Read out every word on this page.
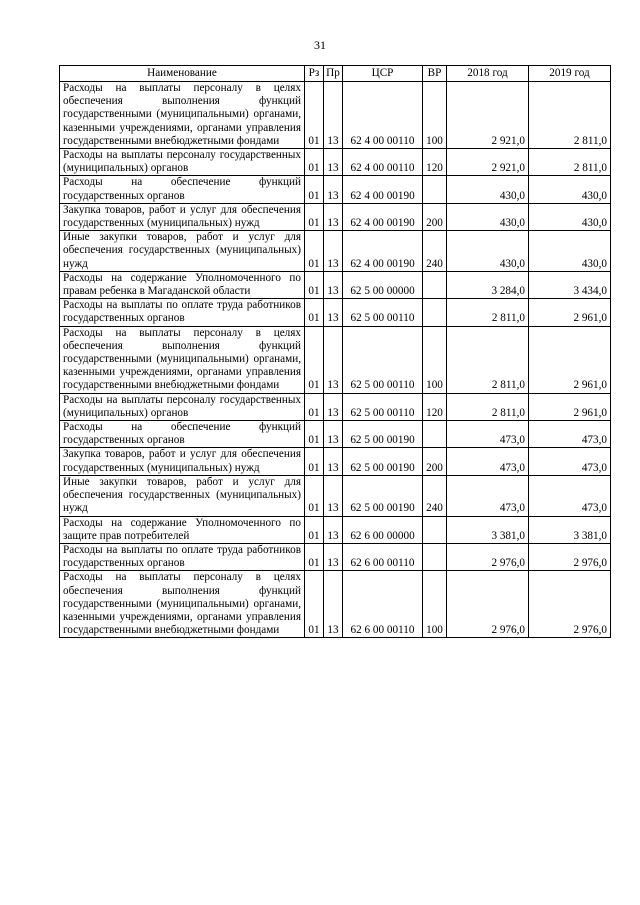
31
Наименование	Рз	Пр	ЦСР	ВР	2018 год	2019 год
Расходы на выплаты персоналу в целях обеспечения выполнения функций государственными (муниципальными) органами, казенными учреждениями, органами управления государственными внебюджетными фондами	01	13	62 4 00 00110	100	2 921,0	2 811,0
Расходы на выплаты персоналу государственных (муниципальных) органов	01	13	62 4 00 00110	120	2 921,0	2 811,0
Расходы на обеспечение функций государственных органов	01	13	62 4 00 00190		430,0	430,0
Закупка товаров, работ и услуг для обеспечения государственных (муниципальных) нужд	01	13	62 4 00 00190	200	430,0	430,0
Иные закупки товаров, работ и услуг для обеспечения государственных (муниципальных) нужд	01	13	62 4 00 00190	240	430,0	430,0
Расходы на содержание Уполномоченного по правам ребенка в Магаданской области	01	13	62 5 00 00000		3 284,0	3 434,0
Расходы на выплаты по оплате труда работников государственных органов	01	13	62 5 00 00110		2 811,0	2 961,0
Расходы на выплаты персоналу в целях обеспечения выполнения функций государственными (муниципальными) органами, казенными учреждениями, органами управления государственными внебюджетными фондами	01	13	62 5 00 00110	100	2 811,0	2 961,0
Расходы на выплаты персоналу государственных (муниципальных) органов	01	13	62 5 00 00110	120	2 811,0	2 961,0
Расходы на обеспечение функций государственных органов	01	13	62 5 00 00190		473,0	473,0
Закупка товаров, работ и услуг для обеспечения государственных (муниципальных) нужд	01	13	62 5 00 00190	200	473,0	473,0
Иные закупки товаров, работ и услуг для обеспечения государственных (муниципальных) нужд	01	13	62 5 00 00190	240	473,0	473,0
Расходы на содержание Уполномоченного по защите прав потребителей	01	13	62 6 00 00000		3 381,0	3 381,0
Расходы на выплаты по оплате труда работников государственных органов	01	13	62 6 00 00110		2 976,0	2 976,0
Расходы на выплаты персоналу в целях обеспечения выполнения функций государственными (муниципальными) органами, казенными учреждениями, органами управления государственными внебюджетными фондами	01	13	62 6 00 00110	100	2 976,0	2 976,0
